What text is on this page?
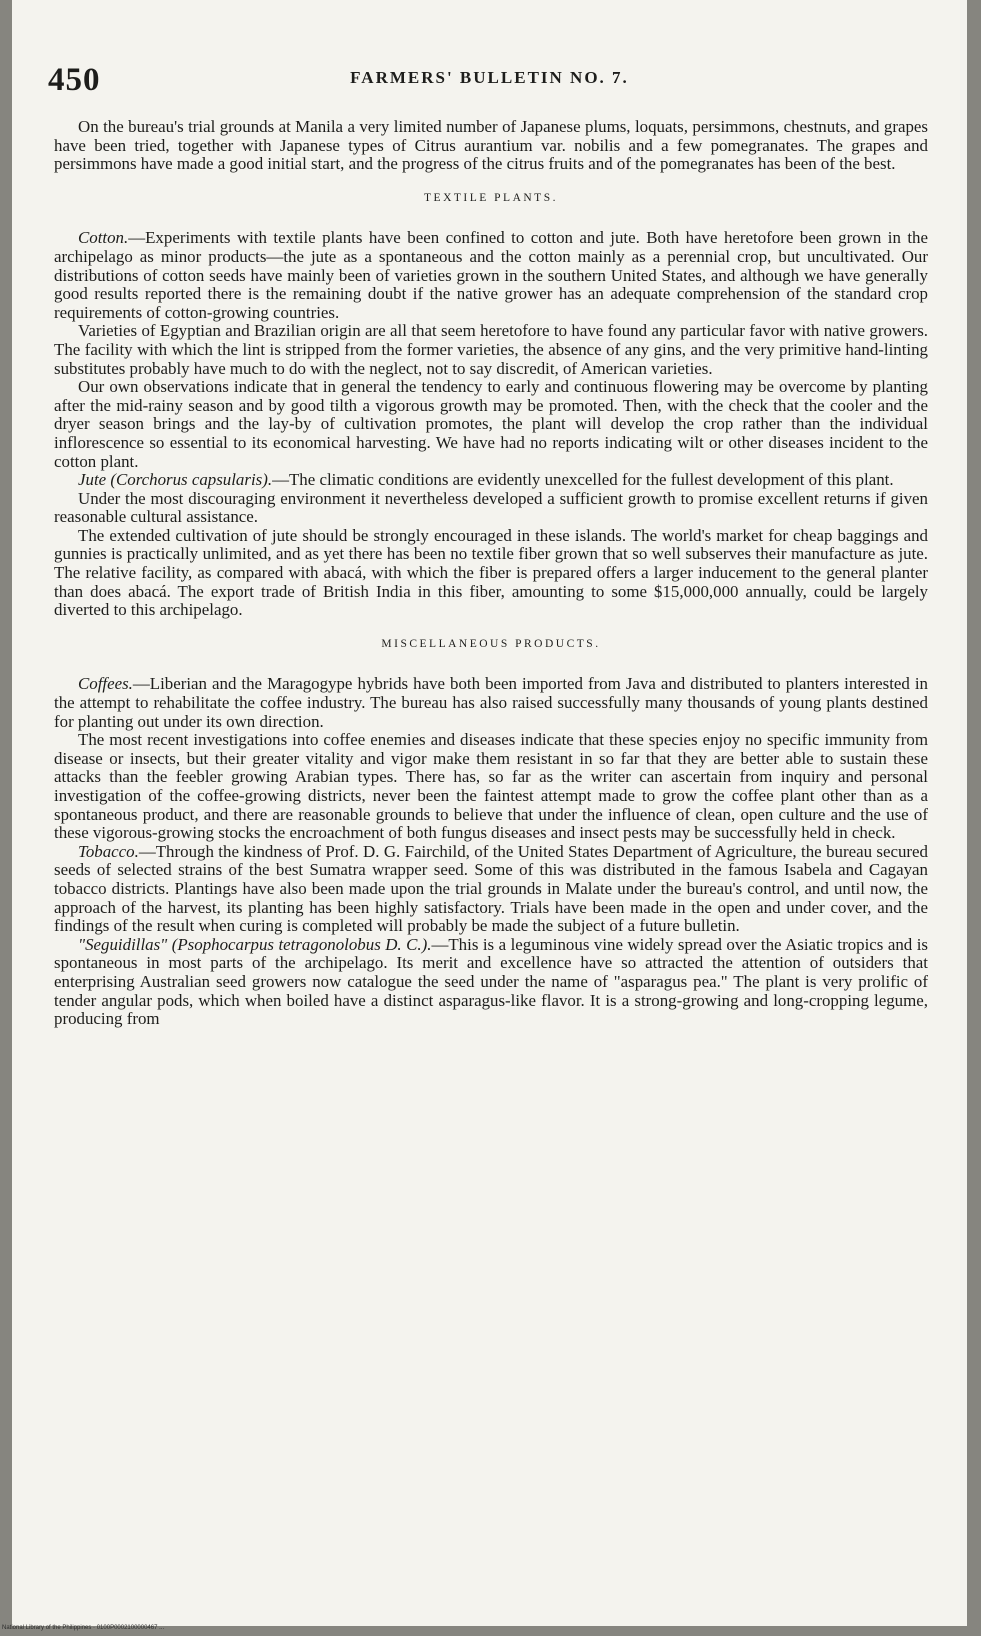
450	FARMERS' BULLETIN NO. 7.

On the bureau's trial grounds at Manila a very limited number of Japanese plums, loquats, persimmons, chestnuts, and grapes have been tried, together with Japanese types of Citrus aurantium var. nobilis and a few pomegranates. The grapes and persimmons have made a good initial start, and the progress of the citrus fruits and of the pomegranates has been of the best.

TEXTILE PLANTS.

Cotton.—Experiments with textile plants have been confined to cotton and jute. Both have heretofore been grown in the archipelago as minor products—the jute as a spontaneous and the cotton mainly as a perennial crop, but uncultivated. Our distributions of cotton seeds have mainly been of varieties grown in the southern United States, and although we have generally good results reported there is the remaining doubt if the native grower has an adequate comprehension of the standard crop requirements of cotton-growing countries.

Varieties of Egyptian and Brazilian origin are all that seem heretofore to have found any particular favor with native growers. The facility with which the lint is stripped from the former varieties, the absence of any gins, and the very primitive hand-linting substitutes probably have much to do with the neglect, not to say discredit, of American varieties.

Our own observations indicate that in general the tendency to early and continuous flowering may be overcome by planting after the mid-rainy season and by good tilth a vigorous growth may be promoted. Then, with the check that the cooler and the dryer season brings and the lay-by of cultivation promotes, the plant will develop the crop rather than the individual inflorescence so essential to its economical harvesting. We have had no reports indicating wilt or other diseases incident to the cotton plant.

Jute (Corchorus capsularis).—The climatic conditions are evidently unexcelled for the fullest development of this plant.

Under the most discouraging environment it nevertheless developed a sufficient growth to promise excellent returns if given reasonable cultural assistance.

The extended cultivation of jute should be strongly encouraged in these islands. The world's market for cheap baggings and gunnies is practically unlimited, and as yet there has been no textile fiber grown that so well subserves their manufacture as jute. The relative facility, as compared with abacá, with which the fiber is prepared offers a larger inducement to the general planter than does abacá. The export trade of British India in this fiber, amounting to some $15,000,000 annually, could be largely diverted to this archipelago.

MISCELLANEOUS PRODUCTS.

Coffees.—Liberian and the Maragogype hybrids have both been imported from Java and distributed to planters interested in the attempt to rehabilitate the coffee industry. The bureau has also raised successfully many thousands of young plants destined for planting out under its own direction.

The most recent investigations into coffee enemies and diseases indicate that these species enjoy no specific immunity from disease or insects, but their greater vitality and vigor make them resistant in so far that they are better able to sustain these attacks than the feebler growing Arabian types. There has, so far as the writer can ascertain from inquiry and personal investigation of the coffee-growing districts, never been the faintest attempt made to grow the coffee plant other than as a spontaneous product, and there are reasonable grounds to believe that under the influence of clean, open culture and the use of these vigorous-growing stocks the encroachment of both fungus diseases and insect pests may be successfully held in check.

Tobacco.—Through the kindness of Prof. D. G. Fairchild, of the United States Department of Agriculture, the bureau secured seeds of selected strains of the best Sumatra wrapper seed. Some of this was distributed in the famous Isabela and Cagayan tobacco districts. Plantings have also been made upon the trial grounds in Malate under the bureau's control, and until now, the approach of the harvest, its planting has been highly satisfactory. Trials have been made in the open and under cover, and the findings of the result when curing is completed will probably be made the subject of a future bulletin.

"Seguidillas" (Psophocarpus tetragonolobus D. C.).—This is a leguminous vine widely spread over the Asiatic tropics and is spontaneous in most parts of the archipelago. Its merit and excellence have so attracted the attention of outsiders that enterprising Australian seed growers now catalogue the seed under the name of "asparagus pea." The plant is very prolific of tender angular pods, which when boiled have a distinct asparagus-like flavor. It is a strong-growing and long-cropping legume, producing from

National Library of the Philippines · 0100P0002100000467 ...
